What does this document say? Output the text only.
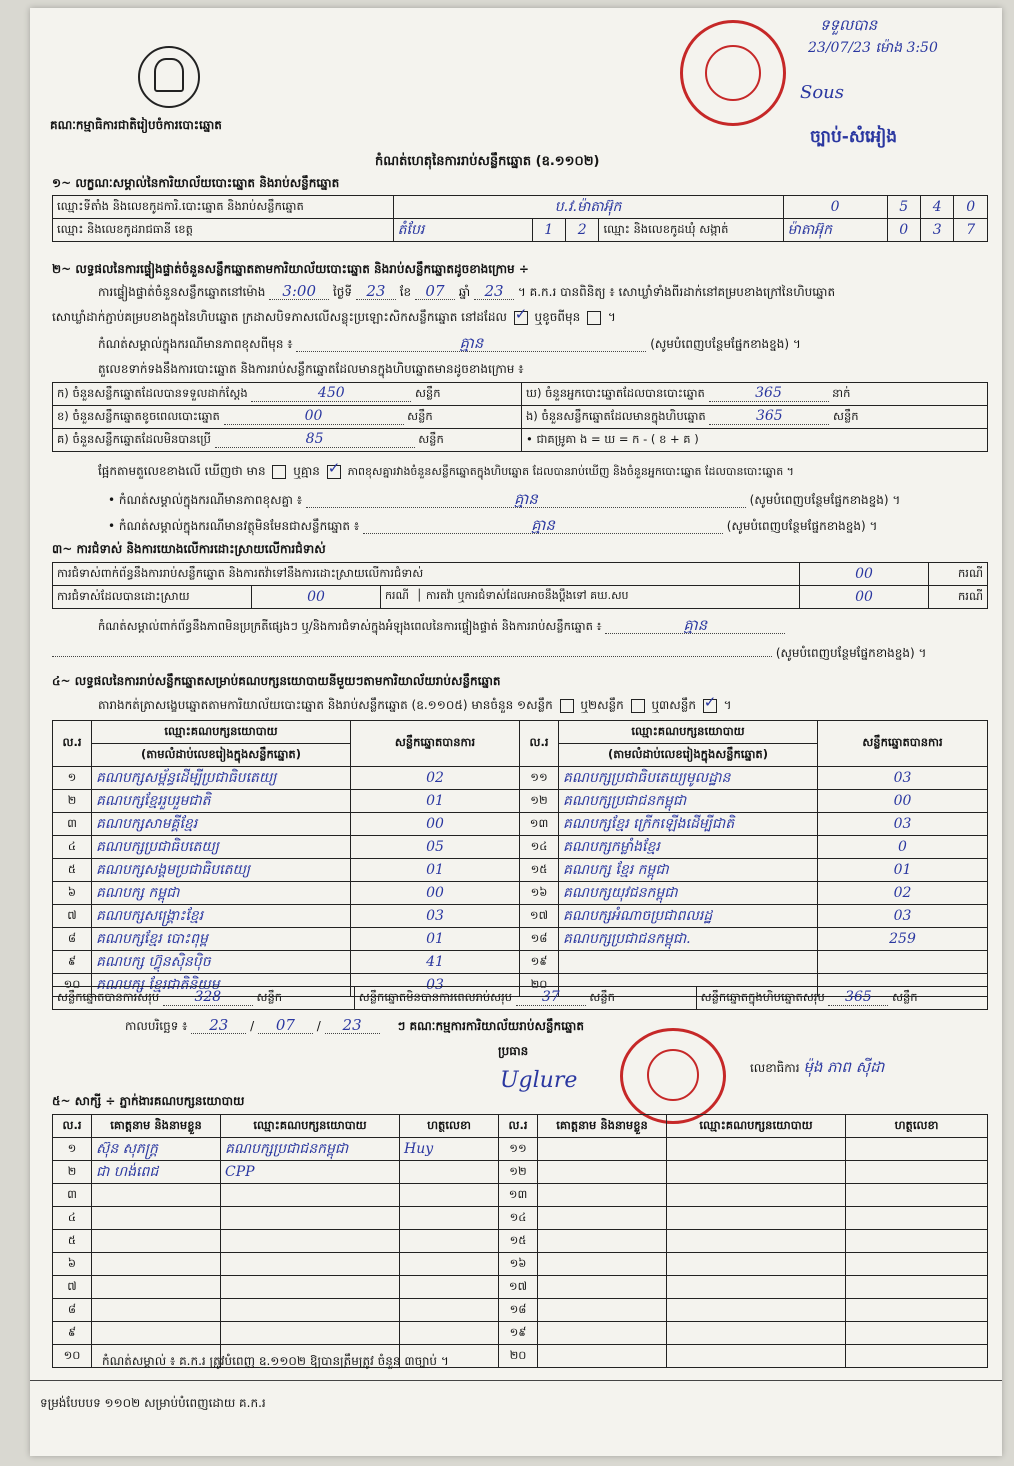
គណៈកម្មាធិការជាតិរៀបចំការបោះឆ្នោត
ទទួលបាន
23/07/23 ម៉ោង 3:50
Sous
ច្បាប់-សំអៀង
កំណត់ហេតុនៃការរាប់សន្លឹកឆ្នោត (ឧ.១១០២)
១~ លក្ខណៈសម្គាល់នៃការិយាល័យបោះឆ្នោត និងរាប់សន្លឹកឆ្នោត
ឈ្មោះទីតាំង និងលេខកូដការិ.បោះឆ្នោត និងរាប់សន្លឹកឆ្នោត	ប.វ.ម៉ាតាអ៊ុក				0	5	4	0
ឈ្មោះ និងលេខកូដរាជធានី ខេត្ត	តំបែរ	1	2	ឈ្មោះ និងលេខកូដឃុំ សង្កាត់	ម៉ាតាអ៊ុក	0	3	7
២~ លទ្ធផលនៃការផ្ទៀងផ្ទាត់ចំនួនសន្លឹកឆ្នោតតាមការិយាល័យបោះឆ្នោត និងរាប់សន្លឹកឆ្នោតដូចខាងក្រោម ÷
ការផ្ទៀងផ្ទាត់ចំនួនសន្លឹកឆ្នោតនៅម៉ោង 3:00 ថ្ងៃទី 23 ខែ 07 ឆ្នាំ 23 ។ គ.ក.រ បានពិនិត្យ ៖ សោឃ្លាំទាំងពីរដាក់នៅគម្របខាងក្រៅនៃហិបឆ្នោត
សោឃ្លាំដាក់ភ្ជាប់គម្របខាងក្នុងនៃហិបឆ្នោត ក្រដាសបិទភាសលើសន្លុះប្រឡោះសិកសន្លឹកឆ្នោត នៅដដែល ✓ ឬខូចពីមុន  ។
កំណត់សម្គាល់ក្នុងករណីមានភាពខុសពីមុន ៖	គ្មាន	(សូមបំពេញបន្ថែមផ្នែកខាងខ្នង) ។
តួលេខទាក់ទងនឹងការបោះឆ្នោត និងការរាប់សន្លឹកឆ្នោតដែលមានក្នុងហិបឆ្នោតមានដូចខាងក្រោម ៖
ក) ចំនួនសន្លឹកឆ្នោតដែលបានទទួលដាក់ស្ដែង 450 សន្លឹក	ឃ) ចំនួនអ្នកបោះឆ្នោតដែលបានបោះឆ្នោត 365 នាក់
ខ) ចំនួនសន្លឹកឆ្នោតខូចពេលបោះឆ្នោត 00 សន្លឹក	ង) ចំនួនសន្លឹកឆ្នោតដែលមានក្នុងហិបឆ្នោត 365 សន្លឹក
គ) ចំនួនសន្លឹកឆ្នោតដែលមិនបានប្រើ 85 សន្លឹក	• ជាគម្រូគា ង = ឃ = ក - ( ខ + គ )
ផ្អែកតាមតួលេខខាងលើ ឃើញថា មាន ឬគ្មាន ✓	ភាពខុសគ្នារវាងចំនួនសន្លឹកឆ្នោតក្នុងហិបឆ្នោត ដែលបានរាប់ឃើញ និងចំនួនអ្នកបោះឆ្នោត ដែលបានបោះឆ្នោត ។
• កំណត់សម្គាល់ក្នុងករណីមានភាពខុសគ្នា ៖	គ្មាន	(សូមបំពេញបន្ថែមផ្នែកខាងខ្នង) ។
• កំណត់សម្គាល់ក្នុងករណីមានវត្ថុមិនមែនជាសន្លឹកឆ្នោត ៖	គ្មាន	(សូមបំពេញបន្ថែមផ្នែកខាងខ្នង) ។
៣~ ការជំទាស់ និងការយោងលើការដោះស្រាយលើការជំទាស់
ការជំទាស់ពាក់ព័ន្ធនឹងការរាប់សន្លឹកឆ្នោត និងការតវ៉ាទៅនឹងការដោះស្រាយលើការជំទាស់			00	ករណី
ការជំទាស់ដែលបានដោះស្រាយ	00	ករណី  │ ការតវ៉ា ឬការជំទាស់ដែលអាចនឹងប្ដឹងទៅ គឃ.សប	00	ករណី
កំណត់សម្គាល់ពាក់ព័ន្ធនឹងភាពមិនប្រក្រតីផ្សេងៗ ឬ/និងការជំទាស់ក្នុងអំឡុងពេលនៃការផ្ទៀងផ្ទាត់ និងការរាប់សន្លឹកឆ្នោត ៖	គ្មាន
(សូមបំពេញបន្ថែមផ្នែកខាងខ្នង) ។
៤~ លទ្ធផលនៃការរាប់សន្លឹកឆ្នោតសម្រាប់គណបក្សនយោបាយនីមួយៗតាមការិយាល័យរាប់សន្លឹកឆ្នោត
តារាងកត់ត្រាសង្ខេបឆ្នោតតាមការិយាល័យបោះឆ្នោត និងរាប់សន្លឹកឆ្នោត (ឧ.១១០៥) មានចំនួន ១សន្លឹក ឬ២សន្លឹក ឬ៣សន្លឹក ✓ ។
ល.រ	ឈ្មោះគណបក្សនយោបាយ	សន្លឹកឆ្នោតបានការ	ល.រ	ឈ្មោះគណបក្សនយោបាយ	សន្លឹកឆ្នោតបានការ
	(តាមលំដាប់លេខរៀងក្នុងសន្លឹកឆ្នោត)			(តាមលំដាប់លេខរៀងក្នុងសន្លឹកឆ្នោត)	
១	គណបក្សសម្ព័ន្ធដើម្បីប្រជាធិបតេយ្យ	02	១១	គណបក្សប្រជាធិបតេយ្យមូលដ្ឋាន	03
២	គណបក្សខ្មែររួបរួមជាតិ	01	១២	គណបក្សប្រជាជនកម្ពុជា	00
៣	គណបក្សសាមគ្គីខ្មែរ	00	១៣	គណបក្សខ្មែរ ក្រើកឡើងដើម្បីជាតិ	03
៤	គណបក្សប្រជាធិបតេយ្យ	05	១៤	គណបក្សកម្លាំងខ្មែរ	0
៥	គណបក្សសង្គមប្រជាធិបតេយ្យ	01	១៥	គណបក្ស ខ្មែរ កម្ពុជា	01
៦	គណបក្ស កម្ពុជា	00	១៦	គណបក្សយុវជនកម្ពុជា	02
៧	គណបក្សសង្គ្រោះខ្មែរ	03	១៧	គណបក្សអំណាចប្រជាពលរដ្ឋ	03
៨	គណបក្សខ្មែរ បោះពុម្ព	01	១៨	គណបក្សប្រជាជនកម្ពុជា.	259
៩	គណបក្ស ហ៊្វុនស៊ិនប៉ិច	41	១៩		
១០	គណបក្ស ខ្មែរជាតិនិយម	03	២០		
សន្លឹកឆ្នោតបានការសរុប	328	សន្លឹក	សន្លឹកឆ្នោតមិនបានការពេលរាប់សរុប 37	សន្លឹក	សន្លឹកឆ្នោតក្នុងហិបឆ្នោតសរុប 365 សន្លឹក
កាលបរិច្ឆេទ ៖ 23 / 07 / 23	ៗ គណៈកម្មការការិយាល័យរាប់សន្លឹកឆ្នោត
ប្រធាន
Uglure	លេខាធិការ ម៉ុង ភាព ស៊ីដា
៥~ សាក្សី ÷ ភ្នាក់ងារគណបក្សនយោបាយ
ល.រ	គោត្តនាម និងនាមខ្លួន	ឈ្មោះគណបក្សនយោបាយ	ហត្ថលេខា	ល.រ	គោត្តនាម និងនាមខ្លួន	ឈ្មោះគណបក្សនយោបាយ	ហត្ថលេខា
១	ស៊ុន សុភក្ត្រ	គណបក្សប្រជាជនកម្ពុជា	Huy	១១			
២	ជា ហង់ពេជ	CPP		១២			
៣				១៣			
៤				១៤			
៥				១៥			
៦				១៦			
៧				១៧			
៨				១៨			
៩				១៩			
១០				២០			
កំណត់សម្គាល់ ៖ គ.ក.រ ត្រូវបំពេញ ឧ.១១០២ ឱ្យបានត្រឹមត្រូវ ចំនួន ៣ច្បាប់ ។
ទម្រង់បែបបទ ១១០២ សម្រាប់បំពេញដោយ គ.ក.រ
